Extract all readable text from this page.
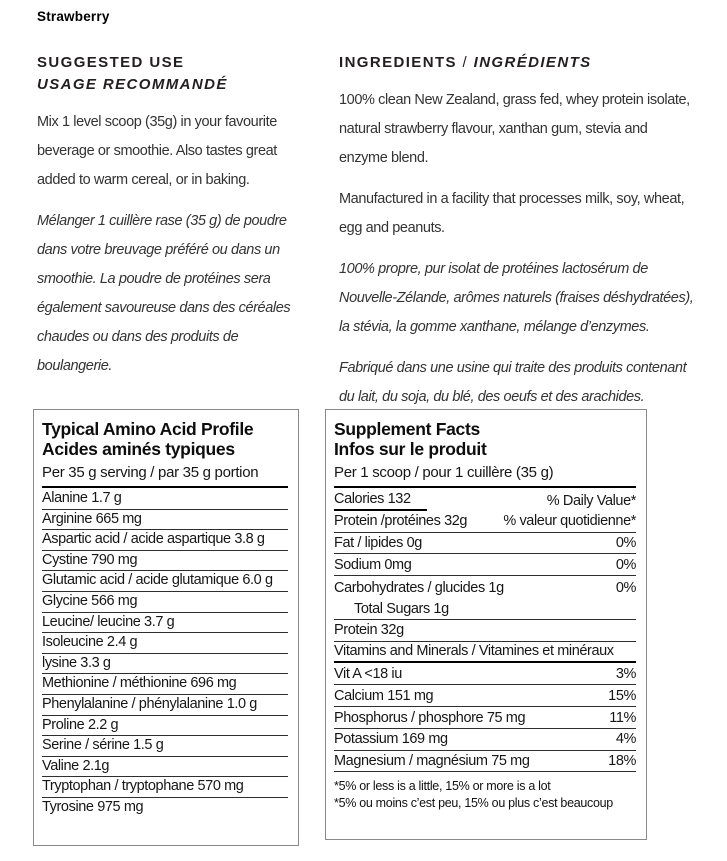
Strawberry
SUGGESTED USE
USAGE RECOMMANDÉ

Mix 1 level scoop (35g) in your favourite beverage or smoothie. Also tastes great added to warm cereal, or in baking.

Mélanger 1 cuillère rase (35 g) de poudre dans votre breuvage préféré ou dans un smoothie. La poudre de protéines sera également savoureuse dans des céréales chaudes ou dans des produits de boulangerie.

INGREDIENTS / INGRÉDIENTS

100% clean New Zealand, grass fed, whey protein isolate, natural strawberry flavour, xanthan gum, stevia and enzyme blend.

Manufactured in a facility that processes milk, soy, wheat, egg and peanuts.

100% propre, pur isolat de protéines lactosérum de Nouvelle-Zélande, arômes naturels (fraises déshydratées), la stévia, la gomme xanthane, mélange d’enzymes.

Fabriqué dans une usine qui traite des produits contenant du lait, du soja, du blé, des oeufs et des arachides.

Typical Amino Acid Profile
Acides aminés typiques
Per 35 g serving / par 35 g portion
Alanine 1.7 g
Arginine 665 mg
Aspartic acid / acide aspartique 3.8 g
Cystine 790 mg
Glutamic acid / acide glutamique 6.0 g
Glycine 566 mg
Leucine/ leucine 3.7 g
Isoleucine 2.4 g
lysine 3.3 g
Methionine / méthionine 696 mg
Phenylalanine / phénylalanine 1.0 g
Proline 2.2 g
Serine / sérine 1.5 g
Valine 2.1g
Tryptophan / tryptophane 570 mg
Tyrosine 975 mg
Supplement Facts
Infos sur le produit
Per 1 scoop / pour 1 cuillère (35 g)
Calories 132	% Daily Value*
Protein /protéines 32g	% valeur quotidienne*
Fat / lipides 0g	0%
Sodium 0mg	0%
Carbohydrates / glucides 1g	0%
Total Sugars 1g
Protein 32g
Vitamins and Minerals / Vitamines et minéraux
Vit A <18 iu	3%
Calcium 151 mg	15%
Phosphorus / phosphore 75 mg	11%
Potassium 169 mg	4%
Magnesium / magnésium 75 mg	18%
*5% or less is a little, 15% or more is a lot
*5% ou moins c’est peu, 15% ou plus c’est beaucoup
